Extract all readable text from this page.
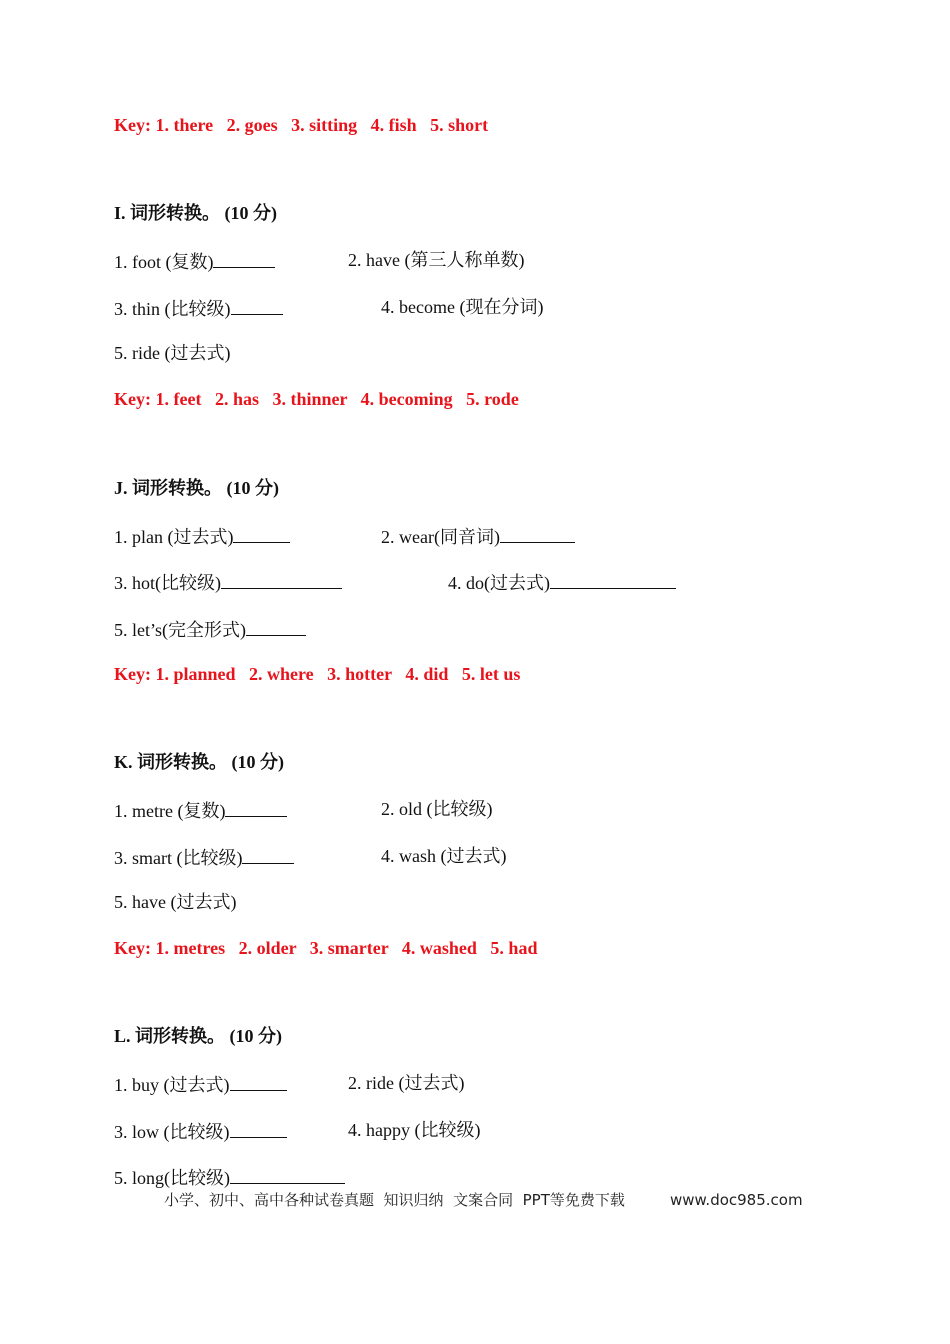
Key: 1. there   2. goes   3. sitting   4. fish   5. short
I. 词形转换。 (10 分)
1. foot (复数)	2. have (第三人称单数)
3. thin (比较级)	4. become (现在分词)
5. ride (过去式)
Key: 1. feet   2. has   3. thinner   4. becoming   5. rode
J. 词形转换。 (10 分)
1. plan (过去式)	2. wear(同音词)
3. hot(比较级)	4. do(过去式)
5. let’s(完全形式)
Key: 1. planned   2. where   3. hotter   4. did   5. let us
K. 词形转换。 (10 分)
1. metre (复数)	2. old (比较级)
3. smart (比较级)	4. wash (过去式)
5. have (过去式)
Key: 1. metres   2. older   3. smarter   4. washed   5. had
L. 词形转换。 (10 分)
1. buy (过去式)	2. ride (过去式)
3. low (比较级)	4. happy (比较级)
5. long(比较级)
小学、初中、高中各种试卷真题  知识归纳  文案合同  PPT等免费下载	www.doc985.com
